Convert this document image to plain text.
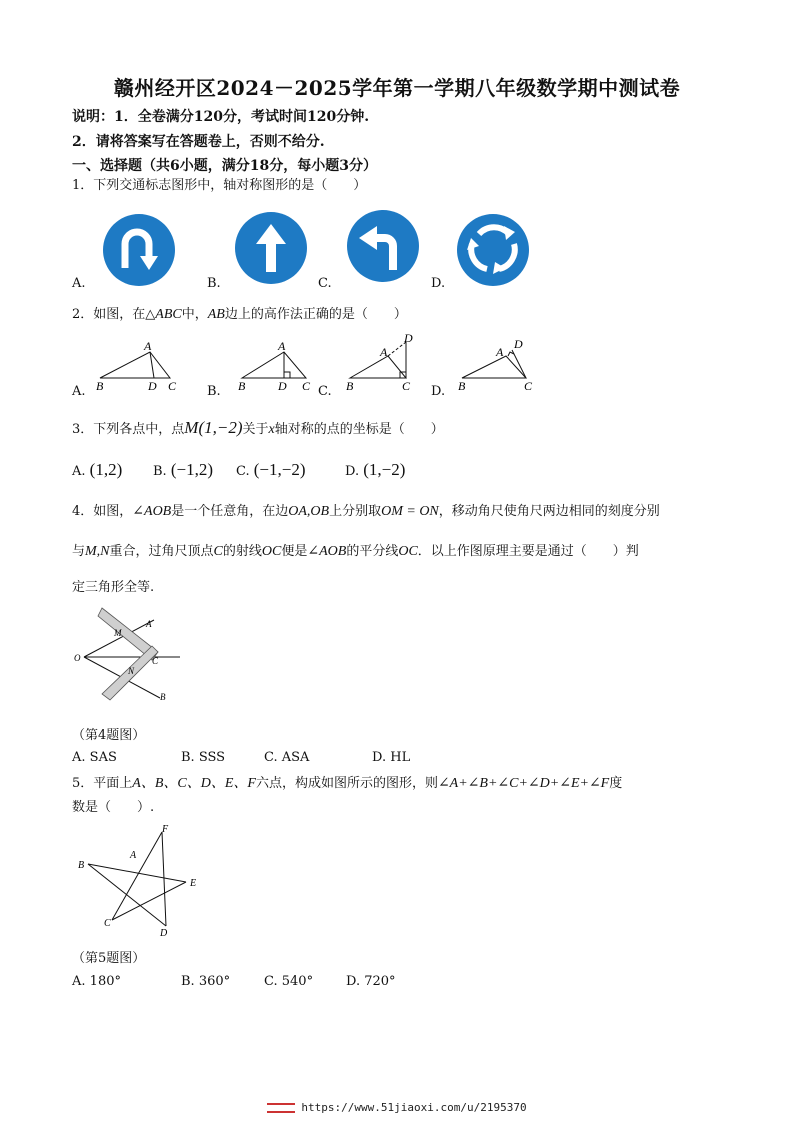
赣州经开区2024－2025学年第一学期八年级数学期中测试卷
说明：1．全卷满分120分，考试时间120分钟.
2．请将答案写在答题卷上，否则不给分.
一、选择题（共6小题，满分18分，每小题3分）
1．下列交通标志图形中，轴对称图形的是（　　）
A.	B.	C.	D.
2．如图，在△ABC中，AB边上的高作法正确的是（　　）
A.
A
B	D C B.
A
B	D C C.
A
D
B	C D.
A
D
B	C
3．下列各点中，点M(1,−2)关于x轴对称的点的坐标是（　　）
A. (1,2) B. (−1,2) C. (−1,−2)	D. (1,−2)
4．如图，∠AOB是一个任意角，在边OA,OB上分别取OM = ON，移动角尺使角尺两边相同的刻度分别
与M,N重合，过角尺顶点C的射线OC便是∠AOB的平分线OC．以上作图原理主要是通过（　　）判
定三角形全等.
O
A
M
N
C
B
（第4题图）
A. SAS	B. SSS	C. ASA	D. HL
5．平面上A、B、C、D、E、F六点，构成如图所示的图形，则∠A+∠B+∠C+∠D+∠E+∠F度
数是（　　）.
F
A
B
E
C
D
（第5题图）
A. 180°	B. 360°	C. 540°	D. 720°
https://www.51jiaoxi.com/u/2195370
